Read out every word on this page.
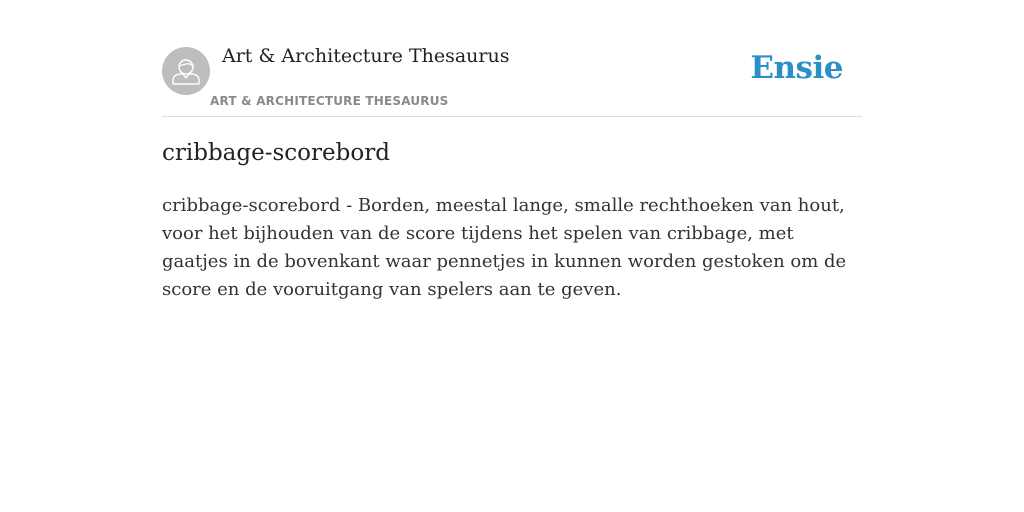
Art & Architecture Thesaurus
ART & ARCHITECTURE THESAURUS
Ensie
cribbage-scorebord

cribbage-scorebord - Borden, meestal lange, smalle rechthoeken van hout, voor het bijhouden van de score tijdens het spelen van cribbage, met gaatjes in de bovenkant waar pennetjes in kunnen worden gestoken om de score en de vooruitgang van spelers aan te geven.
